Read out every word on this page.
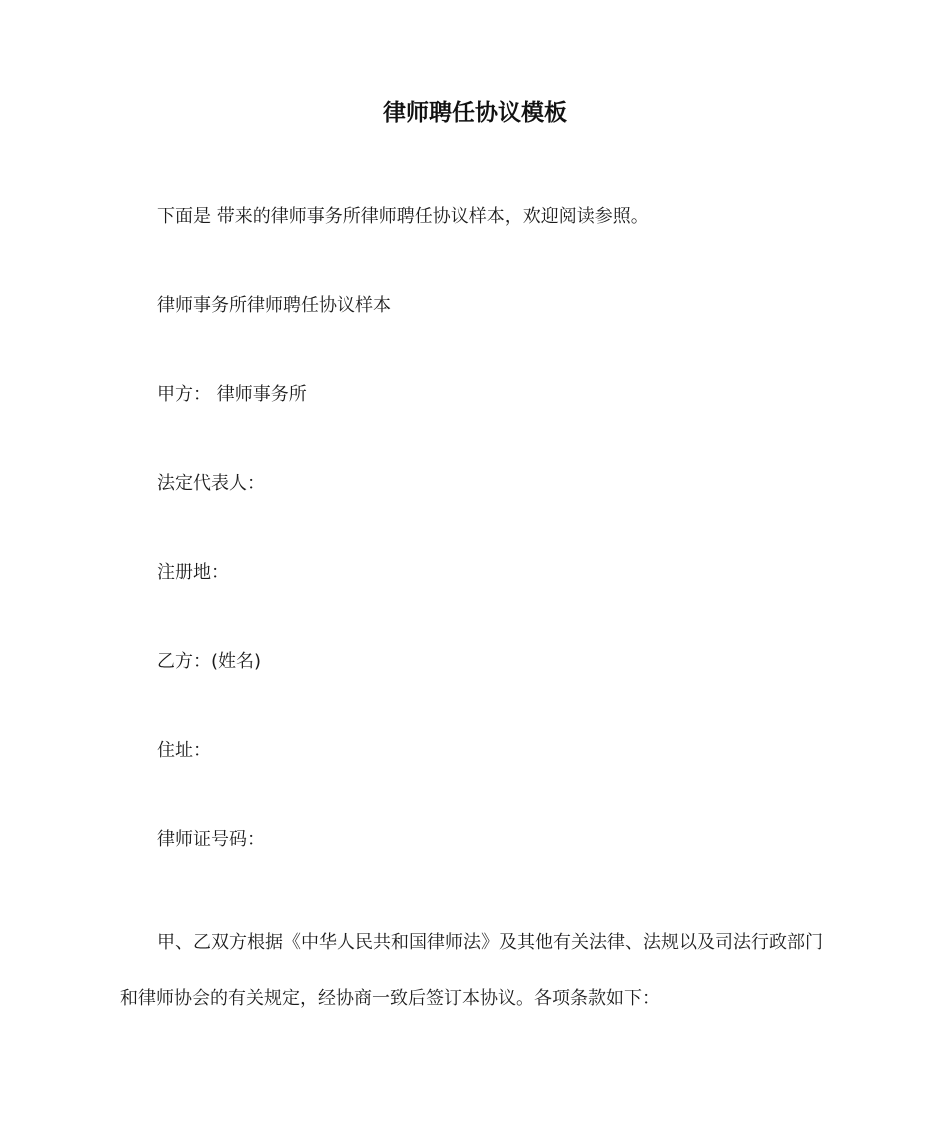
律师聘任协议模板
下面是 带来的律师事务所律师聘任协议样本，欢迎阅读参照。
律师事务所律师聘任协议样本
甲方： 律师事务所
法定代表人：
注册地：
乙方：(姓名)
住址：
律师证号码：
甲、乙双方根据《中华人民共和国律师法》及其他有关法律、法规以及司法行政部门
和律师协会的有关规定，经协商一致后签订本协议。各项条款如下：
